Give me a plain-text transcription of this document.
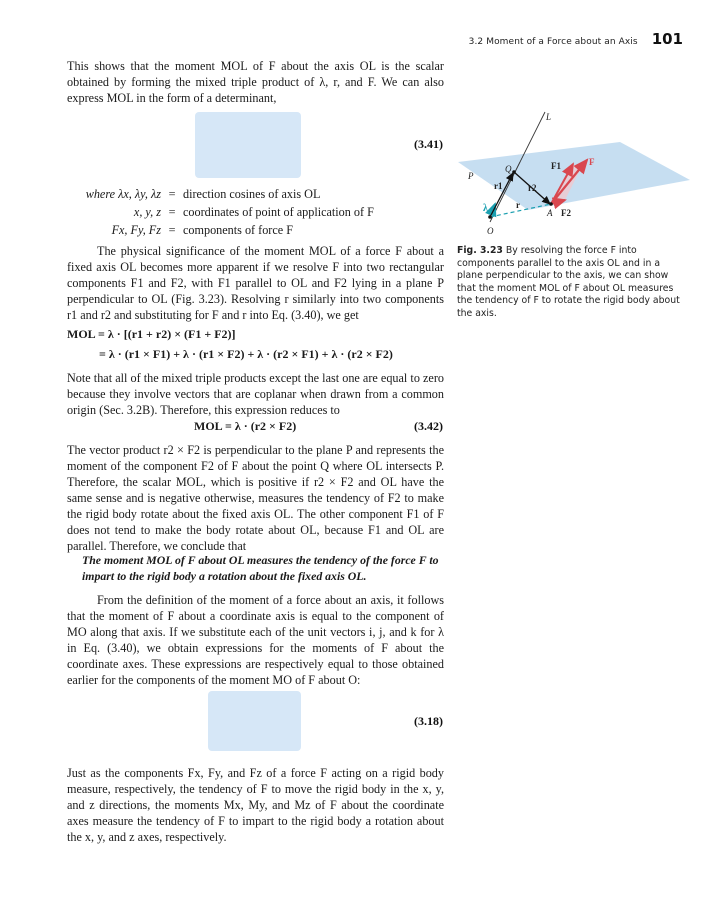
3.2 Moment of a Force about an Axis 101

This shows that the moment MOL of F about the axis OL is the scalar obtained by forming the mixed triple product of λ, r, and F. We can also express MOL in the form of a determinant,

(3.41)
where λx, λy, λz = direction cosines of axis OL
x, y, z = coordinates of point of application of F
Fx, Fy, Fz = components of force F

The physical significance of the moment MOL of a force F about a fixed axis OL becomes more apparent if we resolve F into two rectangular components F1 and F2, with F1 parallel to OL and F2 lying in a plane P perpendicular to OL (Fig. 3.23). Resolving r similarly into two components r1 and r2 and substituting for F and r into Eq. (3.40), we get

MOL = λ · [(r1 + r2) × (F1 + F2)]
= λ · (r1 × F1) + λ · (r1 × F2) + λ · (r2 × F1) + λ · (r2 × F2)

Note that all of the mixed triple products except the last one are equal to zero because they involve vectors that are coplanar when drawn from a common origin (Sec. 3.2B). Therefore, this expression reduces to

MOL = λ · (r2 × F2)	(3.42)

The vector product r2 × F2 is perpendicular to the plane P and represents the moment of the component F2 of F about the point Q where OL intersects P. Therefore, the scalar MOL, which is positive if r2 × F2 and OL have the same sense and is negative otherwise, measures the tendency of F2 to make the rigid body rotate about the fixed axis OL. The other component F1 of F does not tend to make the body rotate about OL, because F1 and OL are parallel. Therefore, we conclude that

The moment MOL of F about OL measures the tendency of the force F to impart to the rigid body a rotation about the fixed axis OL.

From the definition of the moment of a force about an axis, it follows that the moment of F about a coordinate axis is equal to the component of MO along that axis. If we substitute each of the unit vectors i, j, and k for λ in Eq. (3.40), we obtain expressions for the moments of F about the coordinate axes. These expressions are respectively equal to those obtained earlier for the components of the moment MO of F about O:

(3.18)

Just as the components Fx, Fy, and Fz of a force F acting on a rigid body measure, respectively, the tendency of F to move the rigid body in the x, y, and z directions, the moments Mx, My, and Mz of F about the coordinate axes measure the tendency of F to impart to the rigid body a rotation about the x, y, and z axes, respectively.

L
P
Q	F1	F
F2
r1	r2
r
A
λ
O
Fig. 3.23 By resolving the force F into components parallel to the axis OL and in a plane perpendicular to the axis, we can show that the moment MOL of F about OL measures the tendency of F to rotate the rigid body about the axis.
